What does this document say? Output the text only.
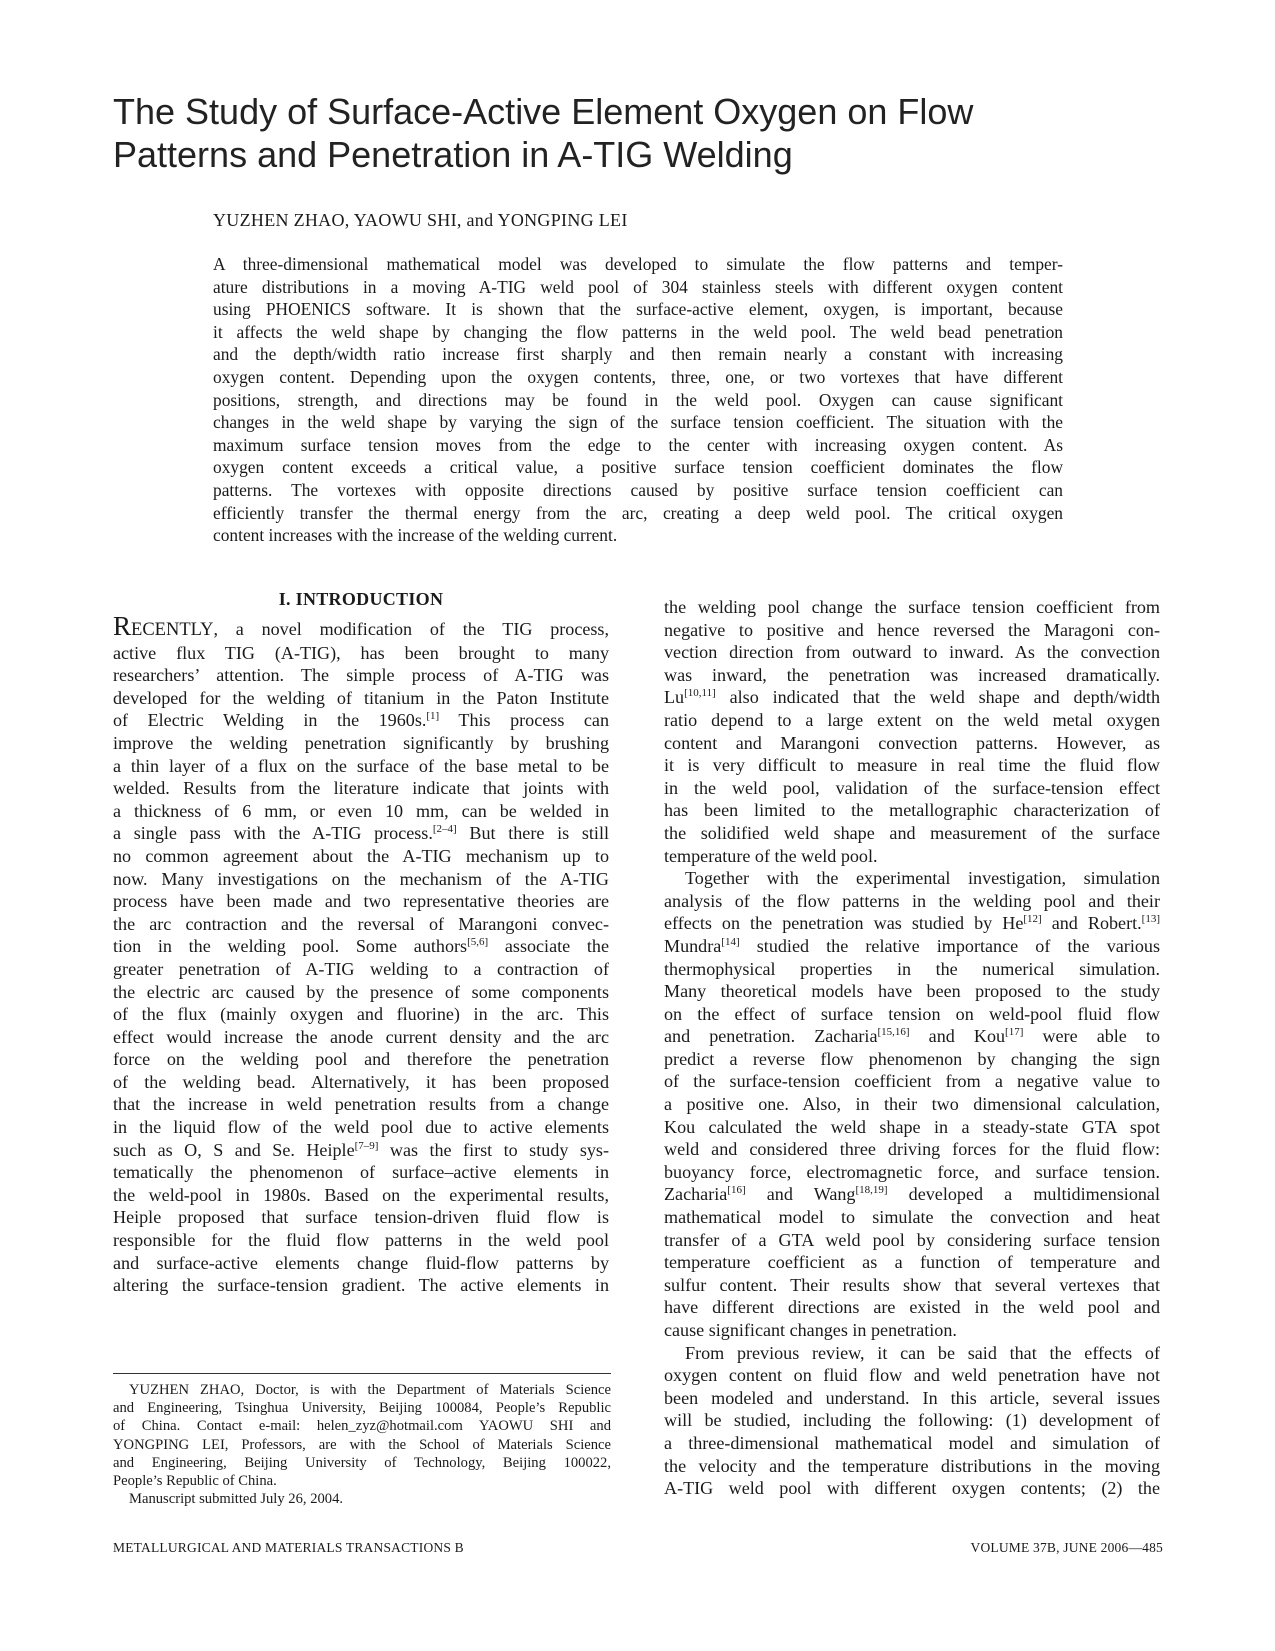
The Study of Surface-Active Element Oxygen on Flow
Patterns and Penetration in A-TIG Welding
YUZHEN ZHAO, YAOWU SHI, and YONGPING LEI
A three-dimensional mathematical model was developed to simulate the flow patterns and temper-
ature distributions in a moving A-TIG weld pool of 304 stainless steels with different oxygen content
using PHOENICS software. It is shown that the surface-active element, oxygen, is important, because
it affects the weld shape by changing the flow patterns in the weld pool. The weld bead penetration
and the depth/width ratio increase first sharply and then remain nearly a constant with increasing
oxygen content. Depending upon the oxygen contents, three, one, or two vortexes that have different
positions, strength, and directions may be found in the weld pool. Oxygen can cause significant
changes in the weld shape by varying the sign of the surface tension coefficient. The situation with the
maximum surface tension moves from the edge to the center with increasing oxygen content. As
oxygen content exceeds a critical value, a positive surface tension coefficient dominates the flow
patterns. The vortexes with opposite directions caused by positive surface tension coefficient can
efficiently transfer the thermal energy from the arc, creating a deep weld pool. The critical oxygen
content increases with the increase of the welding current.
I. INTRODUCTION

RECENTLY, a novel modification of the TIG process,
active flux TIG (A-TIG), has been brought to many
researchers’ attention. The simple process of A-TIG was
developed for the welding of titanium in the Paton Institute
of Electric Welding in the 1960s.[1] This process can
improve the welding penetration significantly by brushing
a thin layer of a flux on the surface of the base metal to be
welded. Results from the literature indicate that joints with
a thickness of 6 mm, or even 10 mm, can be welded in
a single pass with the A-TIG process.[2–4] But there is still
no common agreement about the A-TIG mechanism up to
now. Many investigations on the mechanism of the A-TIG
process have been made and two representative theories are
the arc contraction and the reversal of Marangoni convec-
tion in the welding pool. Some authors[5,6] associate the
greater penetration of A-TIG welding to a contraction of
the electric arc caused by the presence of some components
of the flux (mainly oxygen and fluorine) in the arc. This
effect would increase the anode current density and the arc
force on the welding pool and therefore the penetration
of the welding bead. Alternatively, it has been proposed
that the increase in weld penetration results from a change
in the liquid flow of the weld pool due to active elements
such as O, S and Se. Heiple[7–9] was the first to study sys-
tematically the phenomenon of surface–active elements in
the weld-pool in 1980s. Based on the experimental results,
Heiple proposed that surface tension-driven fluid flow is
responsible for the fluid flow patterns in the weld pool
and surface-active elements change fluid-flow patterns by
altering the surface-tension gradient. The active elements in

the welding pool change the surface tension coefficient from
negative to positive and hence reversed the Maragoni con-
vection direction from outward to inward. As the convection
was inward, the penetration was increased dramatically.
Lu[10,11] also indicated that the weld shape and depth/width
ratio depend to a large extent on the weld metal oxygen
content and Marangoni convection patterns. However, as
it is very difficult to measure in real time the fluid flow
in the weld pool, validation of the surface-tension effect
has been limited to the metallographic characterization of
the solidified weld shape and measurement of the surface
temperature of the weld pool.

Together with the experimental investigation, simulation
analysis of the flow patterns in the welding pool and their
effects on the penetration was studied by He[12] and Robert.[13]
Mundra[14] studied the relative importance of the various
thermophysical properties in the numerical simulation.
Many theoretical models have been proposed to the study
on the effect of surface tension on weld-pool fluid flow
and penetration. Zacharia[15,16] and Kou[17] were able to
predict a reverse flow phenomenon by changing the sign
of the surface-tension coefficient from a negative value to
a positive one. Also, in their two dimensional calculation,
Kou calculated the weld shape in a steady-state GTA spot
weld and considered three driving forces for the fluid flow:
buoyancy force, electromagnetic force, and surface tension.
Zacharia[16] and Wang[18,19] developed a multidimensional
mathematical model to simulate the convection and heat
transfer of a GTA weld pool by considering surface tension
temperature coefficient as a function of temperature and
sulfur content. Their results show that several vertexes that
have different directions are existed in the weld pool and
cause significant changes in penetration.

From previous review, it can be said that the effects of
oxygen content on fluid flow and weld penetration have not
been modeled and understand. In this article, several issues
will be studied, including the following: (1) development of
a three-dimensional mathematical model and simulation of
the velocity and the temperature distributions in the moving
A-TIG weld pool with different oxygen contents; (2) the

YUZHEN ZHAO, Doctor, is with the Department of Materials Science
and Engineering, Tsinghua University, Beijing 100084, People’s Republic
of China. Contact e-mail: helen_zyz@hotmail.com YAOWU SHI and
YONGPING LEI, Professors, are with the School of Materials Science
and Engineering, Beijing University of Technology, Beijing 100022,
People’s Republic of China.
Manuscript submitted July 26, 2004.
METALLURGICAL AND MATERIALS TRANSACTIONS B	VOLUME 37B, JUNE 2006—485
